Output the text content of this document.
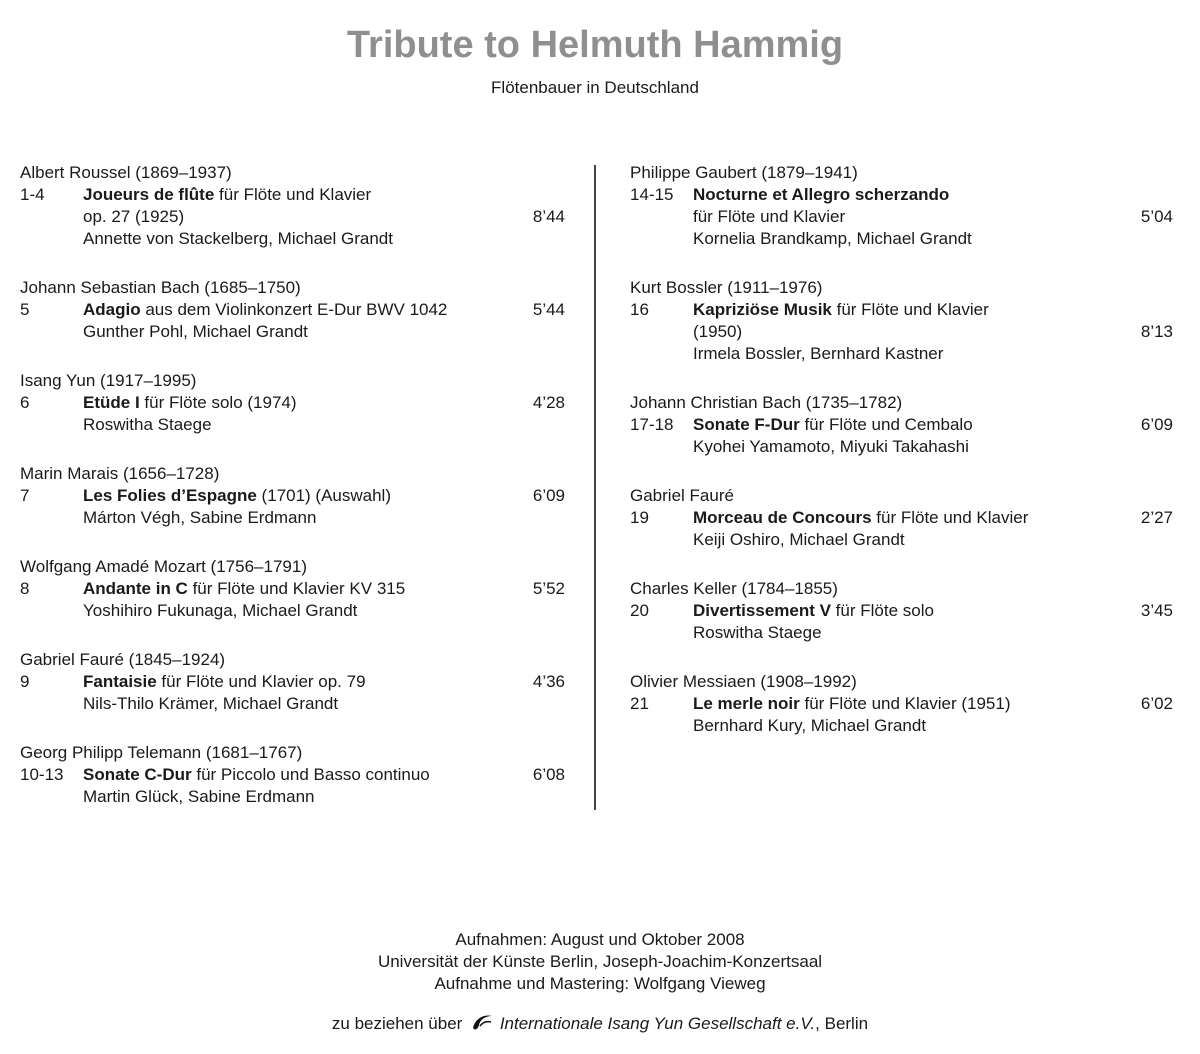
Tribute to Helmuth Hammig
Flötenbauer in Deutschland
Albert Roussel (1869–1937)
1-4 Joueurs de flûte für Flöte und Klavier
op. 27 (1925)	8’44
Annette von Stackelberg, Michael Grandt
Johann Sebastian Bach (1685–1750)
5	Adagio aus dem Violinkonzert E-Dur BWV 1042	5’44
Gunther Pohl, Michael Grandt
Isang Yun (1917–1995)
6	Etüde I für Flöte solo (1974)	4’28
Roswitha Staege
Marin Marais (1656–1728)
7	Les Folies d’Espagne (1701) (Auswahl)	6’09
Márton Végh, Sabine Erdmann
Wolfgang Amadé Mozart (1756–1791)
8	Andante in C für Flöte und Klavier KV 315	5’52
Yoshihiro Fukunaga, Michael Grandt
Gabriel Fauré (1845–1924)
9	Fantaisie für Flöte und Klavier op. 79	4’36
Nils-Thilo Krämer, Michael Grandt
Georg Philipp Telemann (1681–1767)
10-13 Sonate C-Dur für Piccolo und Basso continuo	6’08
Martin Glück, Sabine Erdmann
Philippe Gaubert (1879–1941)
14-15 Nocturne et Allegro scherzando
für Flöte und Klavier	5’04
Kornelia Brandkamp, Michael Grandt
Kurt Bossler (1911–1976)
16	Kapriziöse Musik für Flöte und Klavier
(1950)	8’13
Irmela Bossler, Bernhard Kastner
Johann Christian Bach (1735–1782)
17-18 Sonate F-Dur für Flöte und Cembalo	6’09
Kyohei Yamamoto, Miyuki Takahashi
Gabriel Fauré
19	Morceau de Concours für Flöte und Klavier	2’27
Keiji Oshiro, Michael Grandt
Charles Keller (1784–1855)
20	Divertissement V für Flöte solo	3’45
Roswitha Staege
Olivier Messiaen (1908–1992)
21	Le merle noir für Flöte und Klavier (1951)	6’02
Bernhard Kury, Michael Grandt
Aufnahmen: August und Oktober 2008
Universität der Künste Berlin, Joseph-Joachim-Konzertsaal
Aufnahme und Mastering: Wolfgang Vieweg
zu beziehen über Internationale Isang Yun Gesellschaft e.V., Berlin
